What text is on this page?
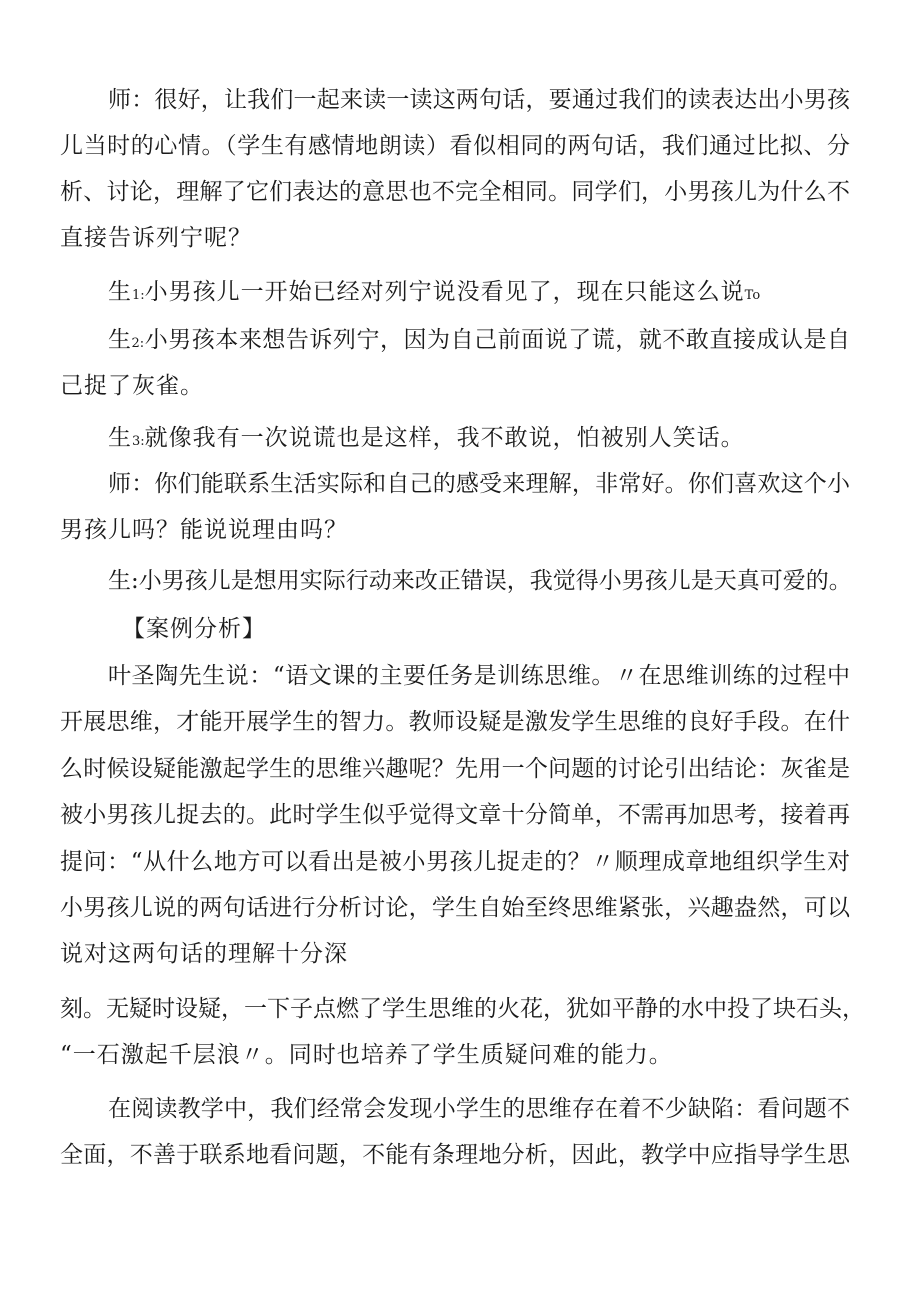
师：很好，让我们一起来读一读这两句话，要通过我们的读表达出小男孩

儿当时的心情。（学生有感情地朗读）看似相同的两句话，我们通过比拟、分

析、讨论，理解了它们表达的意思也不完全相同。同学们，小男孩儿为什么不

直接告诉列宁呢？

生1:小男孩儿一开始已经对列宁说没看见了，现在只能这么说To

生2:小男孩本来想告诉列宁，因为自己前面说了谎，就不敢直接成认是自

己捉了灰雀。

生3:就像我有一次说谎也是这样，我不敢说，怕被别人笑话。

师：你们能联系生活实际和自己的感受来理解，非常好。你们喜欢这个小

男孩儿吗？能说说理由吗？

生:小男孩儿是想用实际行动来改正错误，我觉得小男孩儿是天真可爱的。

【案例分析】

叶圣陶先生说：“语文课的主要任务是训练思维。〃在思维训练的过程中

开展思维，才能开展学生的智力。教师设疑是激发学生思维的良好手段。在什

么时候设疑能激起学生的思维兴趣呢？先用一个问题的讨论引出结论：灰雀是

被小男孩儿捉去的。此时学生似乎觉得文章十分简单，不需再加思考，接着再

提问：“从什么地方可以看出是被小男孩儿捉走的？〃顺理成章地组织学生对

小男孩儿说的两句话进行分析讨论，学生自始至终思维紧张，兴趣盎然，可以

说对这两句话的理解十分深

刻。无疑时设疑，一下子点燃了学生思维的火花，犹如平静的水中投了块石头，

“一石激起千层浪〃。同时也培养了学生质疑问难的能力。

在阅读教学中，我们经常会发现小学生的思维存在着不少缺陷：看问题不

全面，不善于联系地看问题，不能有条理地分析，因此，教学中应指导学生思
